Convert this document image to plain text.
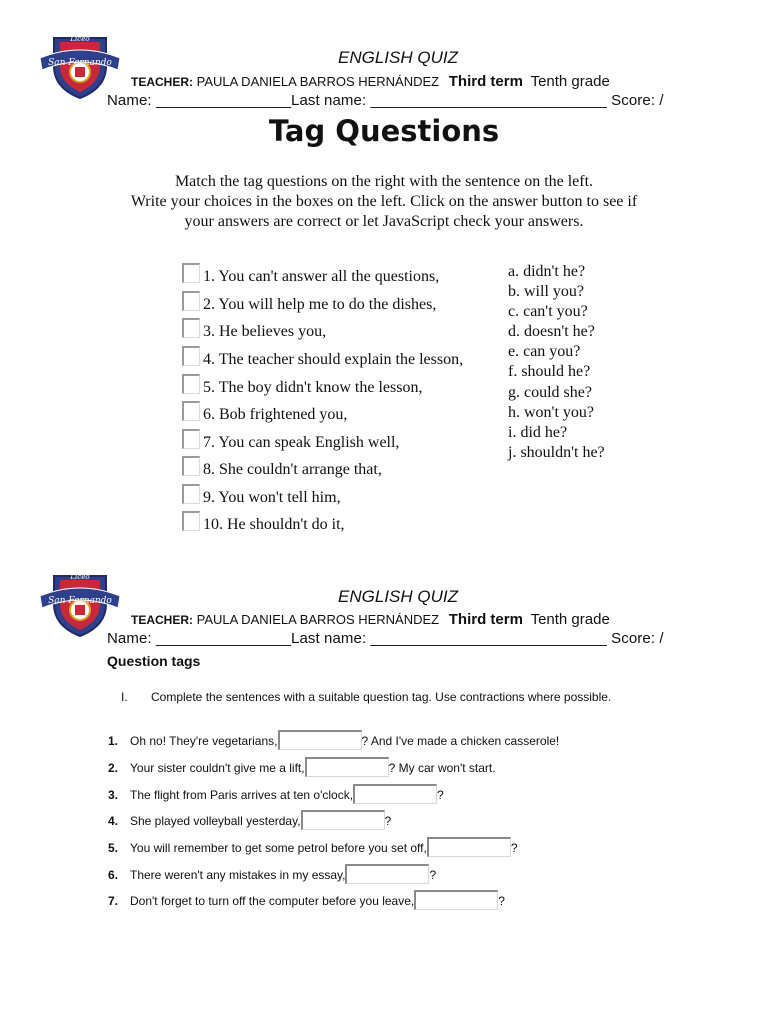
San Fernando
Liceo
ENGLISH QUIZ
TEACHER: PAULA DANIELA BARROS HERNÁNDEZ Third term Tenth grade
Name: ________________Last name: ____________________________ Score: /
Tag Questions
Match the tag questions on the right with the sentence on the left.
Write your choices in the boxes on the left. Click on the answer button to see if
your answers are correct or let JavaScript check your answers.
1. You can't answer all the questions,
2. You will help me to do the dishes,
3. He believes you,
4. The teacher should explain the lesson,
5. The boy didn't know the lesson,
6. Bob frightened you,
7. You can speak English well,
8. She couldn't arrange that,
9. You won't tell him,
10. He shouldn't do it,
a. didn't he?
b. will you?
c. can't you?
d. doesn't he?
e. can you?
f. should he?
g. could she?
h. won't you?
i. did he?
j. shouldn't he?
San Fernando
Liceo
ENGLISH QUIZ
TEACHER: PAULA DANIELA BARROS HERNÁNDEZ Third term Tenth grade
Name: ________________Last name: ____________________________ Score: /
Question tags
I. Complete the sentences with a suitable question tag. Use contractions where possible.
1. Oh no! They're vegetarians,	? And I've made a chicken casserole!
2. Your sister couldn't give me a lift,	? My car won't start.
3. The flight from Paris arrives at ten o'clock,	?
4. She played volleyball yesterday,	?
5. You will remember to get some petrol before you set off,	?
6. There weren't any mistakes in my essay,	?
7. Don't forget to turn off the computer before you leave,	?
